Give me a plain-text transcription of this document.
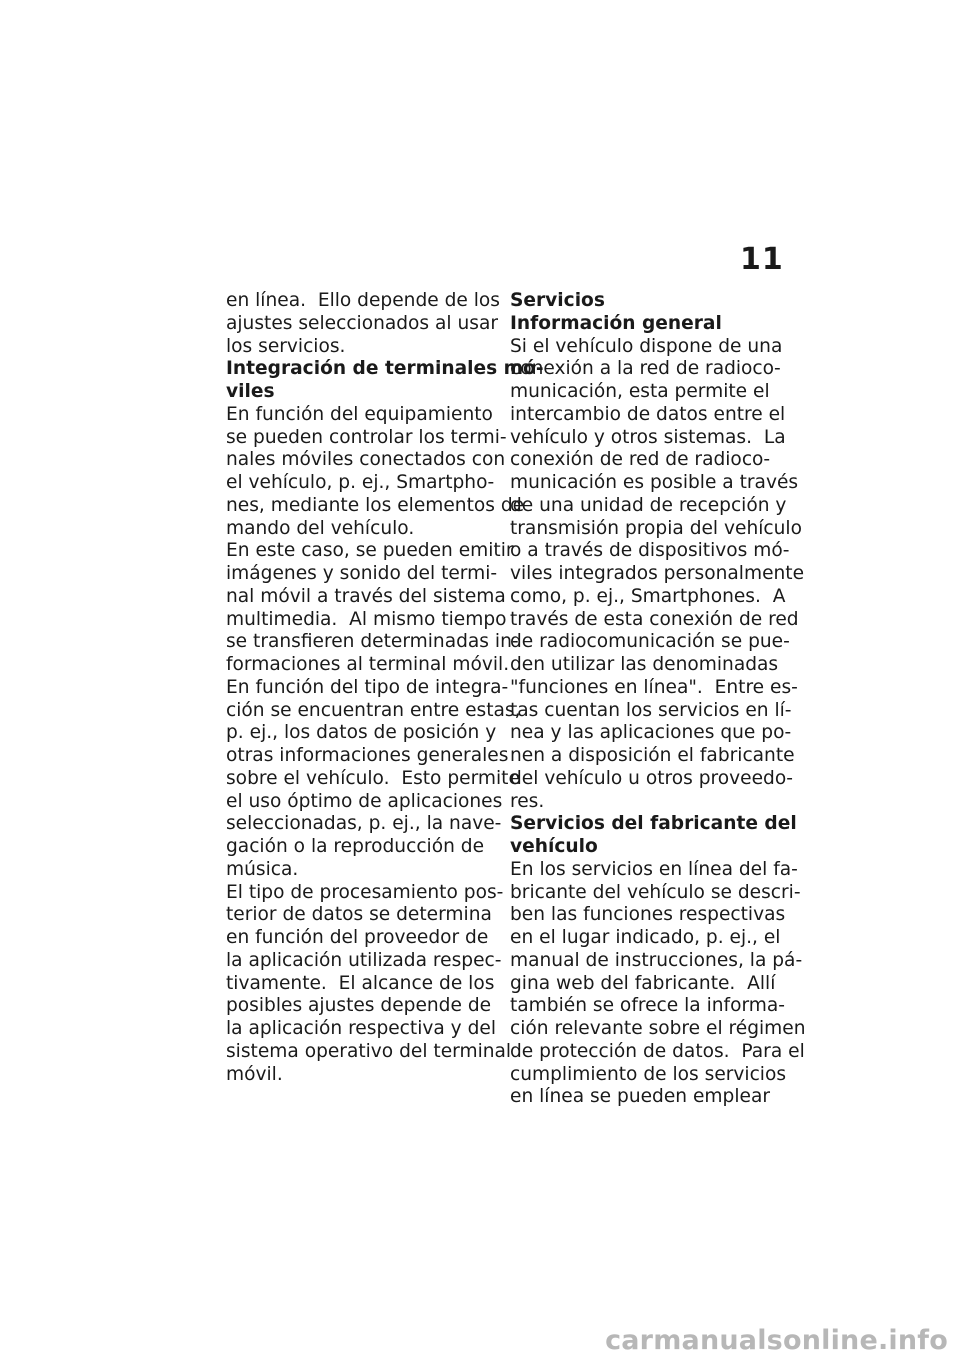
11
en línea.  Ello depende de los
ajustes seleccionados al usar
los servicios.
Integración de terminales mó‐
viles
En función del equipamiento
se pueden controlar los termi‐
nales móviles conectados con
el vehículo, p. ej., Smartpho‐
nes, mediante los elementos de
mando del vehículo.
En este caso, se pueden emitir
imágenes y sonido del termi‐
nal móvil a través del sistema
multimedia.  Al mismo tiempo
se transfieren determinadas in‐
formaciones al terminal móvil.
En función del tipo de integra‐
ción se encuentran entre estas,
p. ej., los datos de posición y
otras informaciones generales
sobre el vehículo.  Esto permite
el uso óptimo de aplicaciones
seleccionadas, p. ej., la nave‐
gación o la reproducción de
música.
El tipo de procesamiento pos‐
terior de datos se determina
en función del proveedor de
la aplicación utilizada respec‐
tivamente.  El alcance de los
posibles ajustes depende de
la aplicación respectiva y del
sistema operativo del terminal
móvil.
Servicios
Información general
Si el vehículo dispone de una
conexión a la red de radioco‐
municación, esta permite el
intercambio de datos entre el
vehículo y otros sistemas.  La
conexión de red de radioco‐
municación es posible a través
de una unidad de recepción y
transmisión propia del vehículo
o a través de dispositivos mó‐
viles integrados personalmente
como, p. ej., Smartphones.  A
través de esta conexión de red
de radiocomunicación se pue‐
den utilizar las denominadas
"funciones en línea".  Entre es‐
tas cuentan los servicios en lí‐
nea y las aplicaciones que po‐
nen a disposición el fabricante
del vehículo u otros proveedo‐
res.
Servicios del fabricante del
vehículo
En los servicios en línea del fa‐
bricante del vehículo se descri‐
ben las funciones respectivas
en el lugar indicado, p. ej., el
manual de instrucciones, la pá‐
gina web del fabricante.  Allí
también se ofrece la informa‐
ción relevante sobre el régimen
de protección de datos.  Para el
cumplimiento de los servicios
en línea se pueden emplear
carmanualsonline.info
